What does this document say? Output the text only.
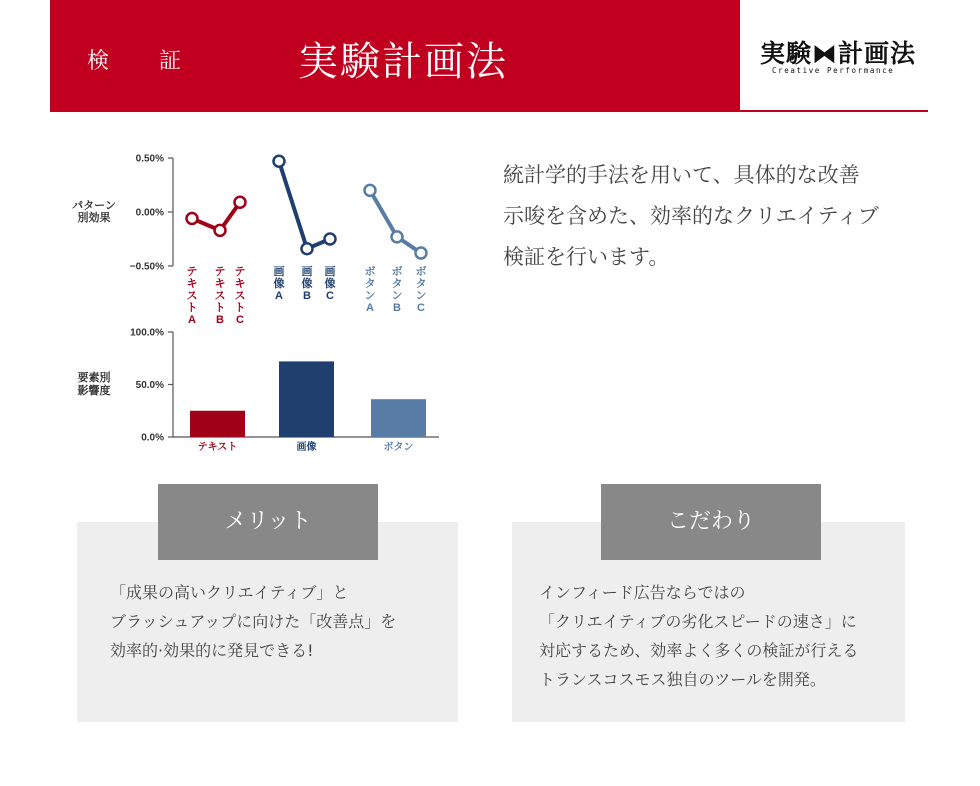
検　証	実験計画法	実験⧓計画法
Creative Performance
0.50%
0.00%
−0.50%
パターン
別効果
テ
キ
ス
ト
A
テ
キ
ス
ト
B
テ
キ
ス
ト
C
画
像
A
画
像
B
画
像
C
ボ
タ
ン
A
ボ
タ
ン
B
ボ
タ
ン
C
100.0%
50.0%
0.0%
要素別
影響度
テキスト	画像	ボタン
統計学的手法を用いて、具体的な改善
示唆を含めた、効率的なクリエイティブ
検証を行います。
メリット
「成果の高いクリエイティブ」と
ブラッシュアップに向けた「改善点」を
効率的·効果的に発見できる!
こだわり
インフィード広告ならではの
「クリエイティブの劣化スピードの速さ」に
対応するため、効率よく多くの検証が行える
トランスコスモス独自のツールを開発。
